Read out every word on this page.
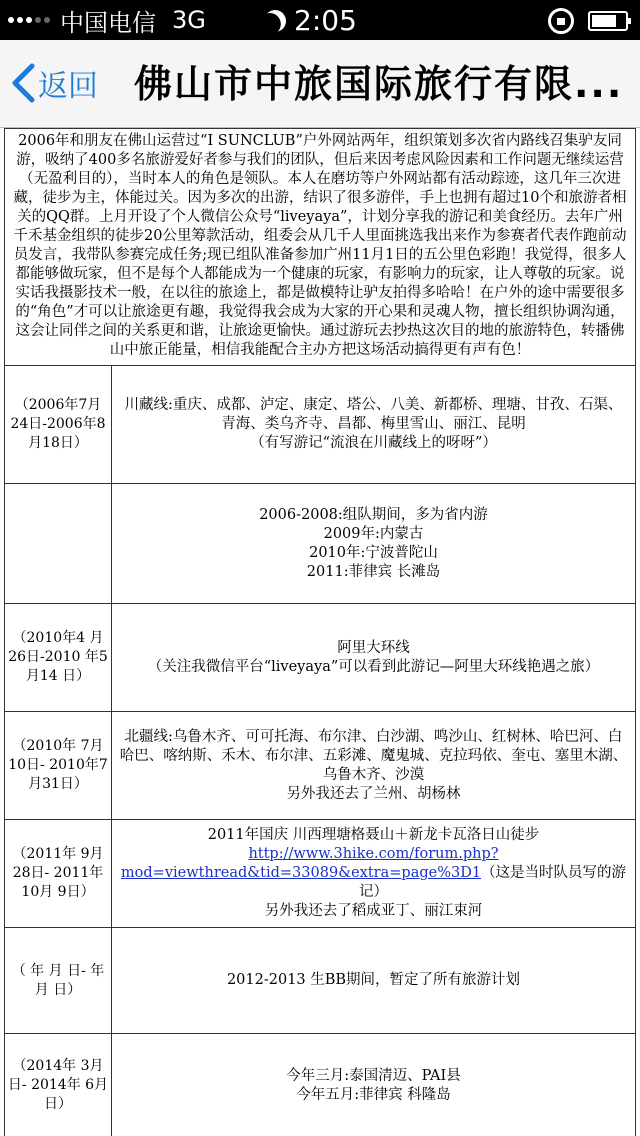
中国电信 3G	2:05
返回 佛山市中旅国际旅行有限...
2006年和朋友在佛山运营过“I SUNCLUB”户外网站两年，组织策划多次省内路线召集驴友同游，吸纳了400多名旅游爱好者参与我们的团队，但后来因考虑风险因素和工作问题无继续运营（无盈利目的），当时本人的角色是领队。本人在磨坊等户外网站都有活动踪迹，这几年三次进藏，徒步为主，体能过关。因为多次的出游，结识了很多游伴，手上也拥有超过10个和旅游者相关的QQ群。上月开设了个人微信公众号“liveyaya”，计划分享我的游记和美食经历。去年广州千禾基金组织的徒步20公里筹款活动，组委会从几千人里面挑选我出来作为参赛者代表作跑前动员发言，我带队参赛完成任务;现已组队准备参加广州11月1日的五公里色彩跑！我觉得，很多人都能够做玩家，但不是每个人都能成为一个健康的玩家，有影响力的玩家，让人尊敬的玩家。说实话我摄影技术一般，在以往的旅途上，都是做模特让驴友拍得多哈哈！在户外的途中需要很多的“角色”才可以让旅途更有趣，我觉得我会成为大家的开心果和灵魂人物，擅长组织协调沟通，这会让同伴之间的关系更和谐，让旅途更愉快。通过游玩去抄热这次目的地的旅游特色，转播佛山中旅正能量，相信我能配合主办方把这场活动搞得更有声有色！	
（2006年7月24日-2006年8月18日）	川藏线:重庆、成都、泸定、康定、塔公、八美、新都桥、理塘、甘孜、石渠、青海、类乌齐寺、昌都、梅里雪山、丽江、昆明
（有写游记“流浪在川藏线上的呀呀”）

	2006-2008:组队期间，多为省内游
2009年:内蒙古
2010年:宁波普陀山
2011:菲律宾 长滩岛

（2010年4 月26日-2010 年5月14 日）	阿里大环线
（关注我微信平台“liveyaya”可以看到此游记—阿里大环线艳遇之旅）

（2010年 7月10日- 2010年7月31日）	北疆线:乌鲁木齐、可可托海、布尔津、白沙湖、鸣沙山、红树林、哈巴河、白哈巴、喀纳斯、禾木、布尔津、五彩滩、魔鬼城、克拉玛依、奎屯、塞里木湖、乌鲁木齐、沙漠
另外我还去了兰州、胡杨林

（2011年 9月28日- 2011年10月 9日）	2011年国庆 川西理塘格聂山＋新龙卡瓦洛日山徒步
http://www.3hike.com/forum.php?
mod=viewthread&tid=33089&extra=page%3D1（这是当时队员写的游记）
另外我还去了稻成亚丁、丽江束河

（ 年 月 日- 年 月 日）	2012-2013 生BB期间，暂定了所有旅游计划

（2014年 3月日- 2014年 6月日）	今年三月:泰国清迈、PAI县
今年五月:菲律宾 科隆岛
